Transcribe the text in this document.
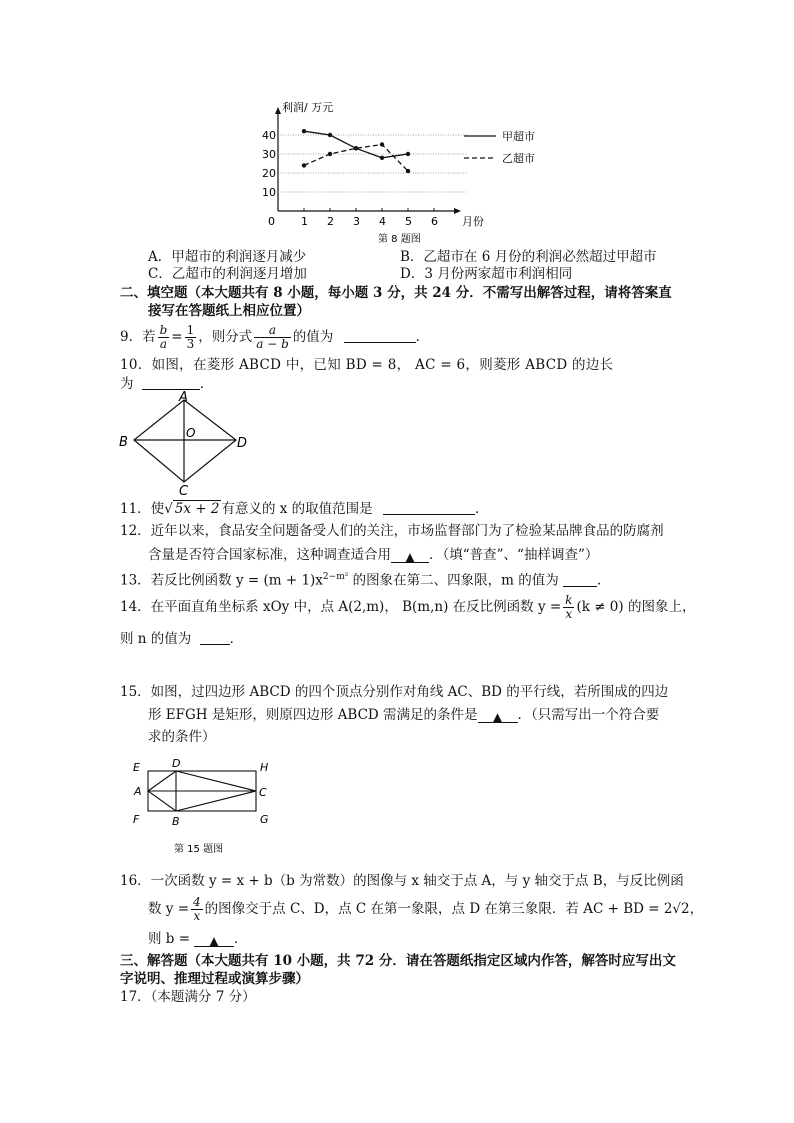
利润/ 万元
0	月份
10
20
30
40
1 2 3 4 5 6
甲超市
乙超市
第 8 题图
A．甲超市的利润逐月减少	B．乙超市在 6 月份的利润必然超过甲超市
C．乙超市的利润逐月增加	D．3 月份两家超市利润相同
二、填空题（本大题共有 8 小题，每小题 3 分，共 24 分．不需写出解答过程，请将答案直
接写在答题纸上相应位置）
9．若 $\frac{b}{a} = \frac{1}{3}$ ，则分式 $\frac{a}{a - b}$ 的值为	．
10．如图，在菱形 ABCD 中，已知 BD = 8， AC = 6，则菱形 ABCD 的边长
为	．
A
B	D
C
O
11．使√ 5x + 2 有意义的 x 的取值范围是	．
12．近年以来，食品安全问题备受人们的关注，市场监督部门为了检验某品牌食品的防腐剂
含量是否符合国家标准，这种调查适合用 ▲ ．（填“普查”、“抽样调查”）
13．若反比例函数 $y = (m + 1)x^{2-m^2}$ 的图象在第二、四象限，m 的值为	．
14．在平面直角坐标系 xOy 中，点 A(2,m)， B(m,n) 在反比例函数 $y = \frac{k}{x} (k \ne 0)$ 的图象上，
则 n 的值为	．
15．如图，过四边形 ABCD 的四个顶点分别作对角线 AC、BD 的平行线，若所围成的四边
形 EFGH 是矩形，则原四边形 ABCD 需满足的条件是 ▲ ．（只需写出一个符合要
求的条件）
E	D	H
A	C
F	B	G
第 15 题图
16．一次函数 y = x + b（b 为常数）的图像与 x 轴交于点 A，与 y 轴交于点 B，与反比例函
数 $y = \frac{4}{x}$ 的图像交于点 C、D，点 C 在第一象限，点 D 在第三象限．若 AC + BD = 2√2，
则 b = ▲ ．
三、解答题（本大题共有 10 小题，共 72 分．请在答题纸指定区域内作答，解答时应写出文
字说明、推理过程或演算步骤）
17．（本题满分 7 分）
